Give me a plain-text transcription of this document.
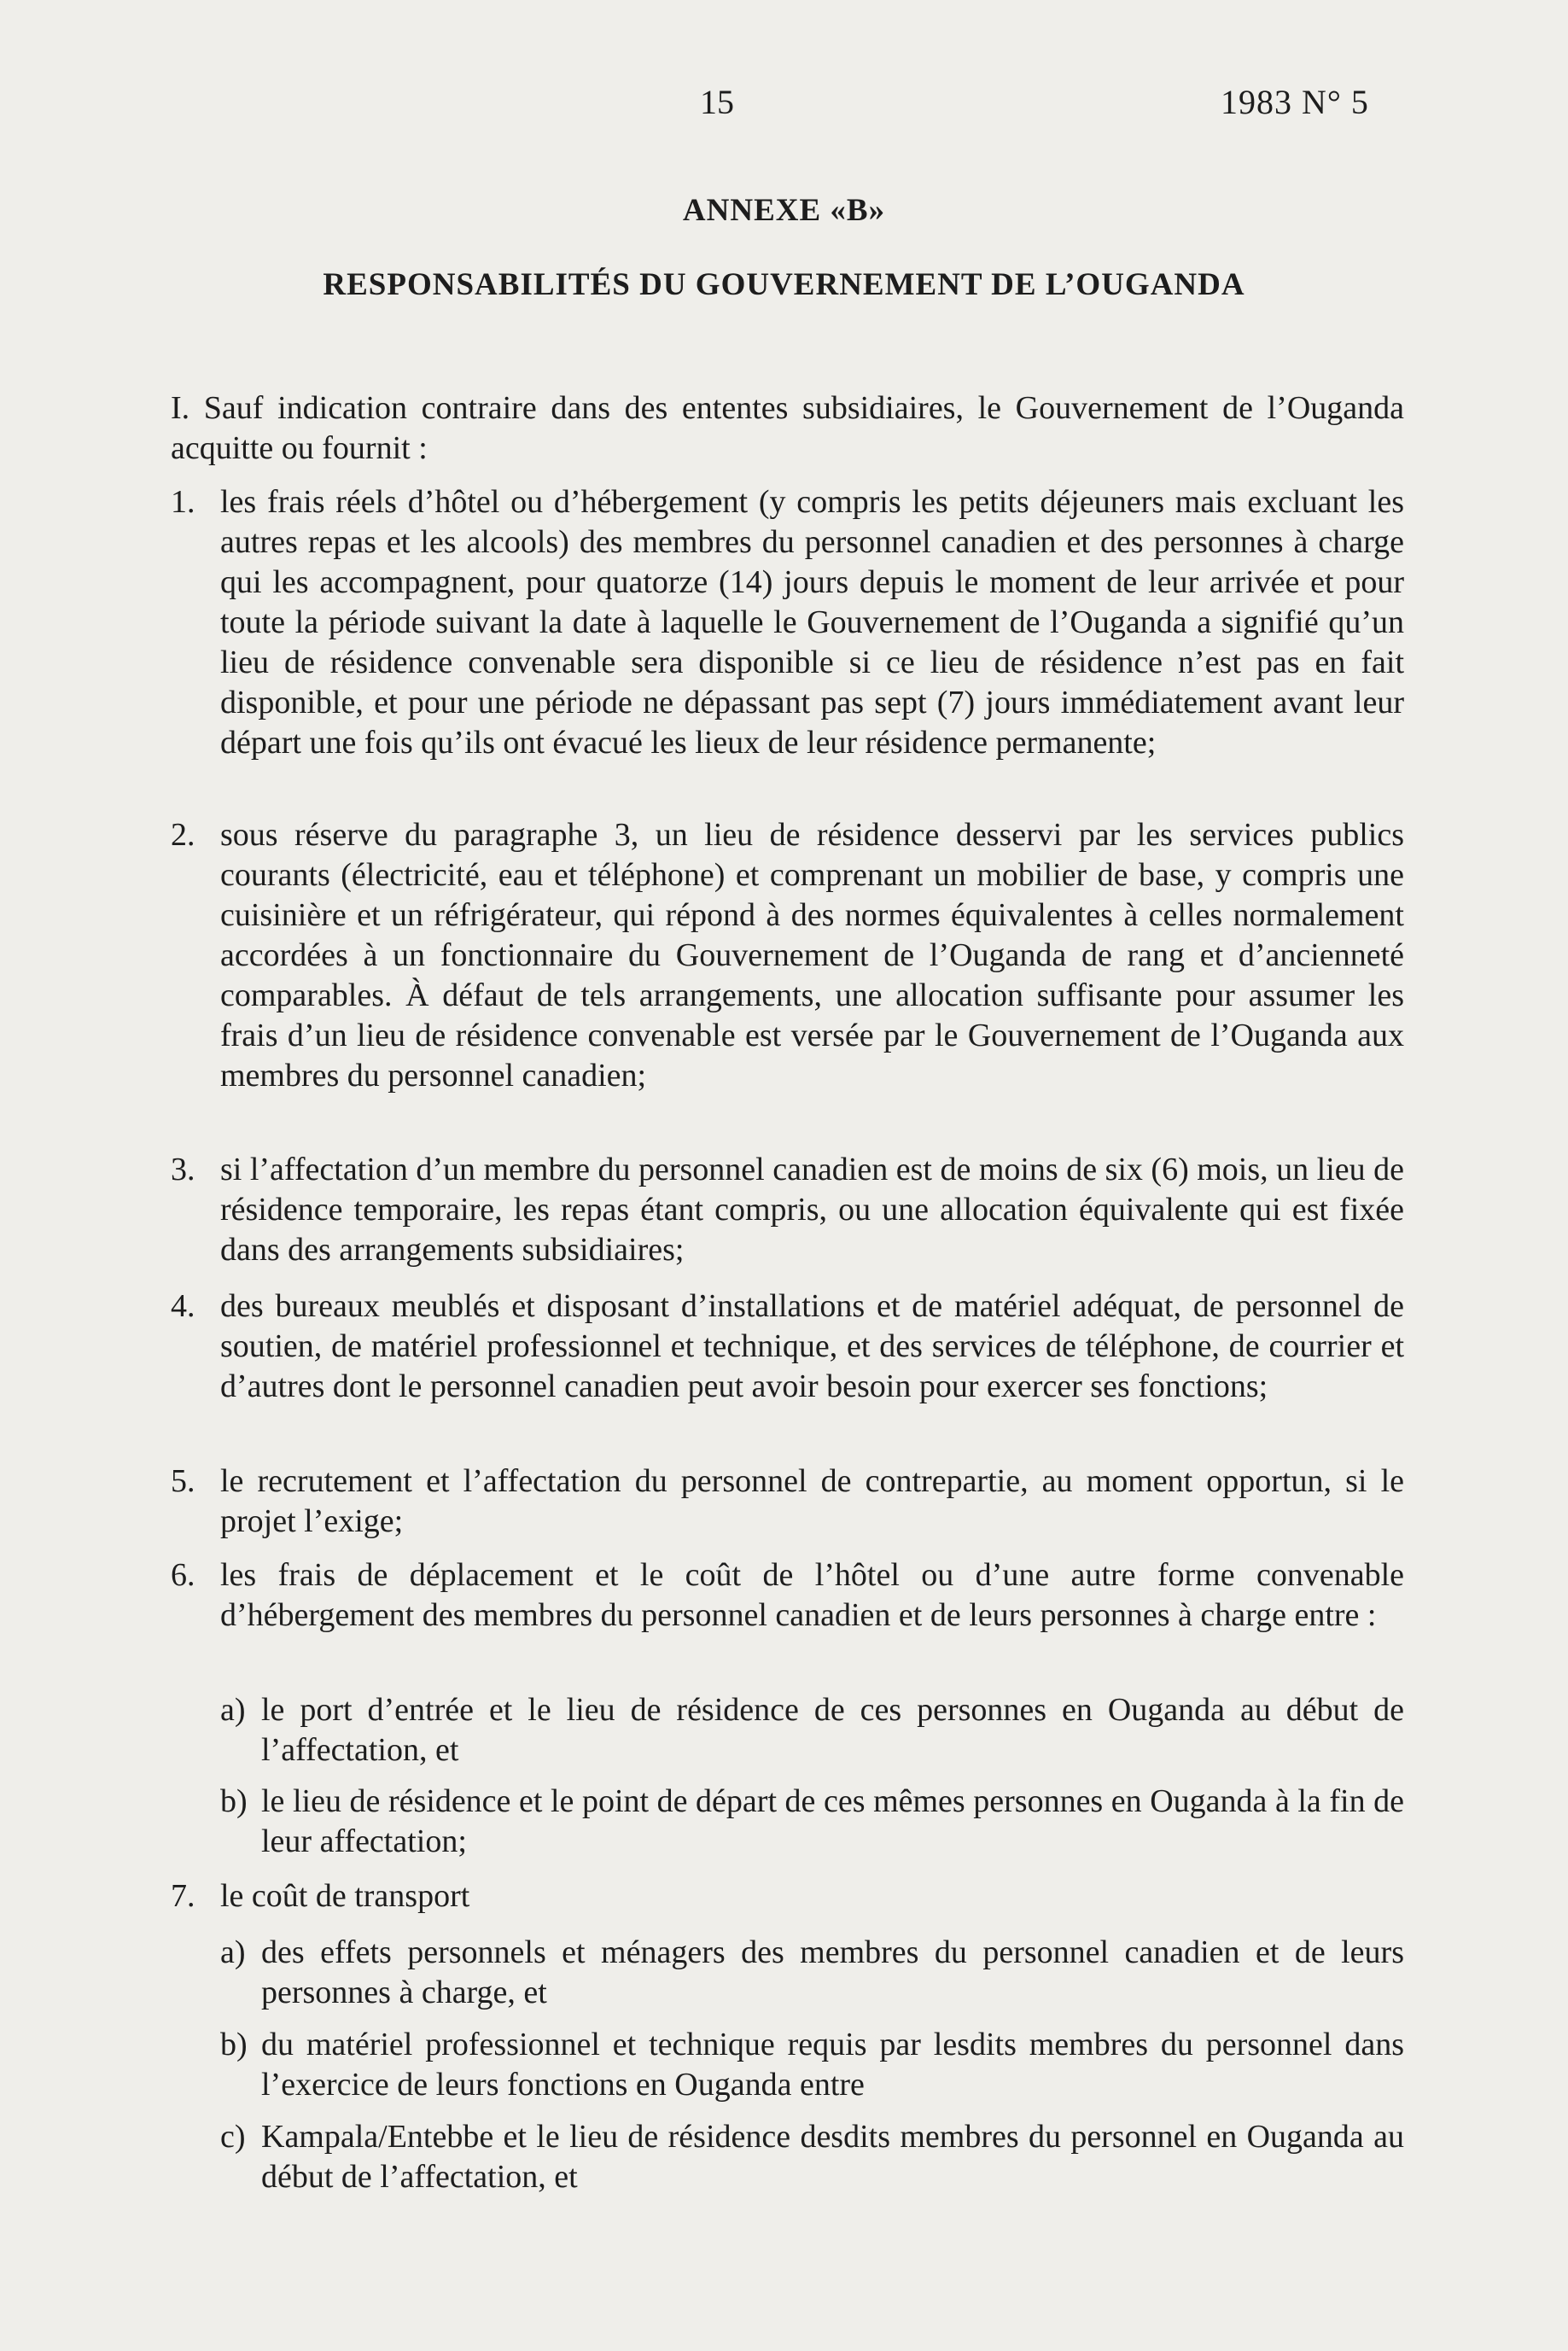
15	1983 N° 5
ANNEXE «B»
RESPONSABILITÉS DU GOUVERNEMENT DE L’OUGANDA
I. Sauf indication contraire dans des ententes subsidiaires, le Gouvernement de l’Ouganda acquitte ou fournit :
1. les frais réels d’hôtel ou d’hébergement (y compris les petits déjeuners mais excluant les autres repas et les alcools) des membres du personnel canadien et des personnes à charge qui les accompagnent, pour quatorze (14) jours depuis le moment de leur arrivée et pour toute la période suivant la date à laquelle le Gouvernement de l’Ouganda a signifié qu’un lieu de résidence convenable sera disponible si ce lieu de résidence n’est pas en fait disponible, et pour une période ne dépassant pas sept (7) jours immédiatement avant leur départ une fois qu’ils ont évacué les lieux de leur résidence permanente;
2. sous réserve du paragraphe 3, un lieu de résidence desservi par les services publics courants (électricité, eau et téléphone) et comprenant un mobilier de base, y compris une cuisinière et un réfrigérateur, qui répond à des normes équivalentes à celles normalement accordées à un fonctionnaire du Gouvernement de l’Ouganda de rang et d’ancienneté comparables. À défaut de tels arrangements, une allocation suffisante pour assumer les frais d’un lieu de résidence convenable est versée par le Gouvernement de l’Ouganda aux membres du personnel canadien;
3. si l’affectation d’un membre du personnel canadien est de moins de six (6) mois, un lieu de résidence temporaire, les repas étant compris, ou une allocation équivalente qui est fixée dans des arrangements subsidiaires;
4. des bureaux meublés et disposant d’installations et de matériel adéquat, de personnel de soutien, de matériel professionnel et technique, et des services de téléphone, de courrier et d’autres dont le personnel canadien peut avoir besoin pour exercer ses fonctions;
5. le recrutement et l’affectation du personnel de contrepartie, au moment opportun, si le projet l’exige;
6. les frais de déplacement et le coût de l’hôtel ou d’une autre forme convenable d’hébergement des membres du personnel canadien et de leurs personnes à charge entre :
a) le port d’entrée et le lieu de résidence de ces personnes en Ouganda au début de l’affectation, et
b) le lieu de résidence et le point de départ de ces mêmes personnes en Ouganda à la fin de leur affectation;
7. le coût de transport
a) des effets personnels et ménagers des membres du personnel canadien et de leurs personnes à charge, et
b) du matériel professionnel et technique requis par lesdits membres du personnel dans l’exercice de leurs fonctions en Ouganda entre
c) Kampala/Entebbe et le lieu de résidence desdits membres du personnel en Ouganda au début de l’affectation, et
